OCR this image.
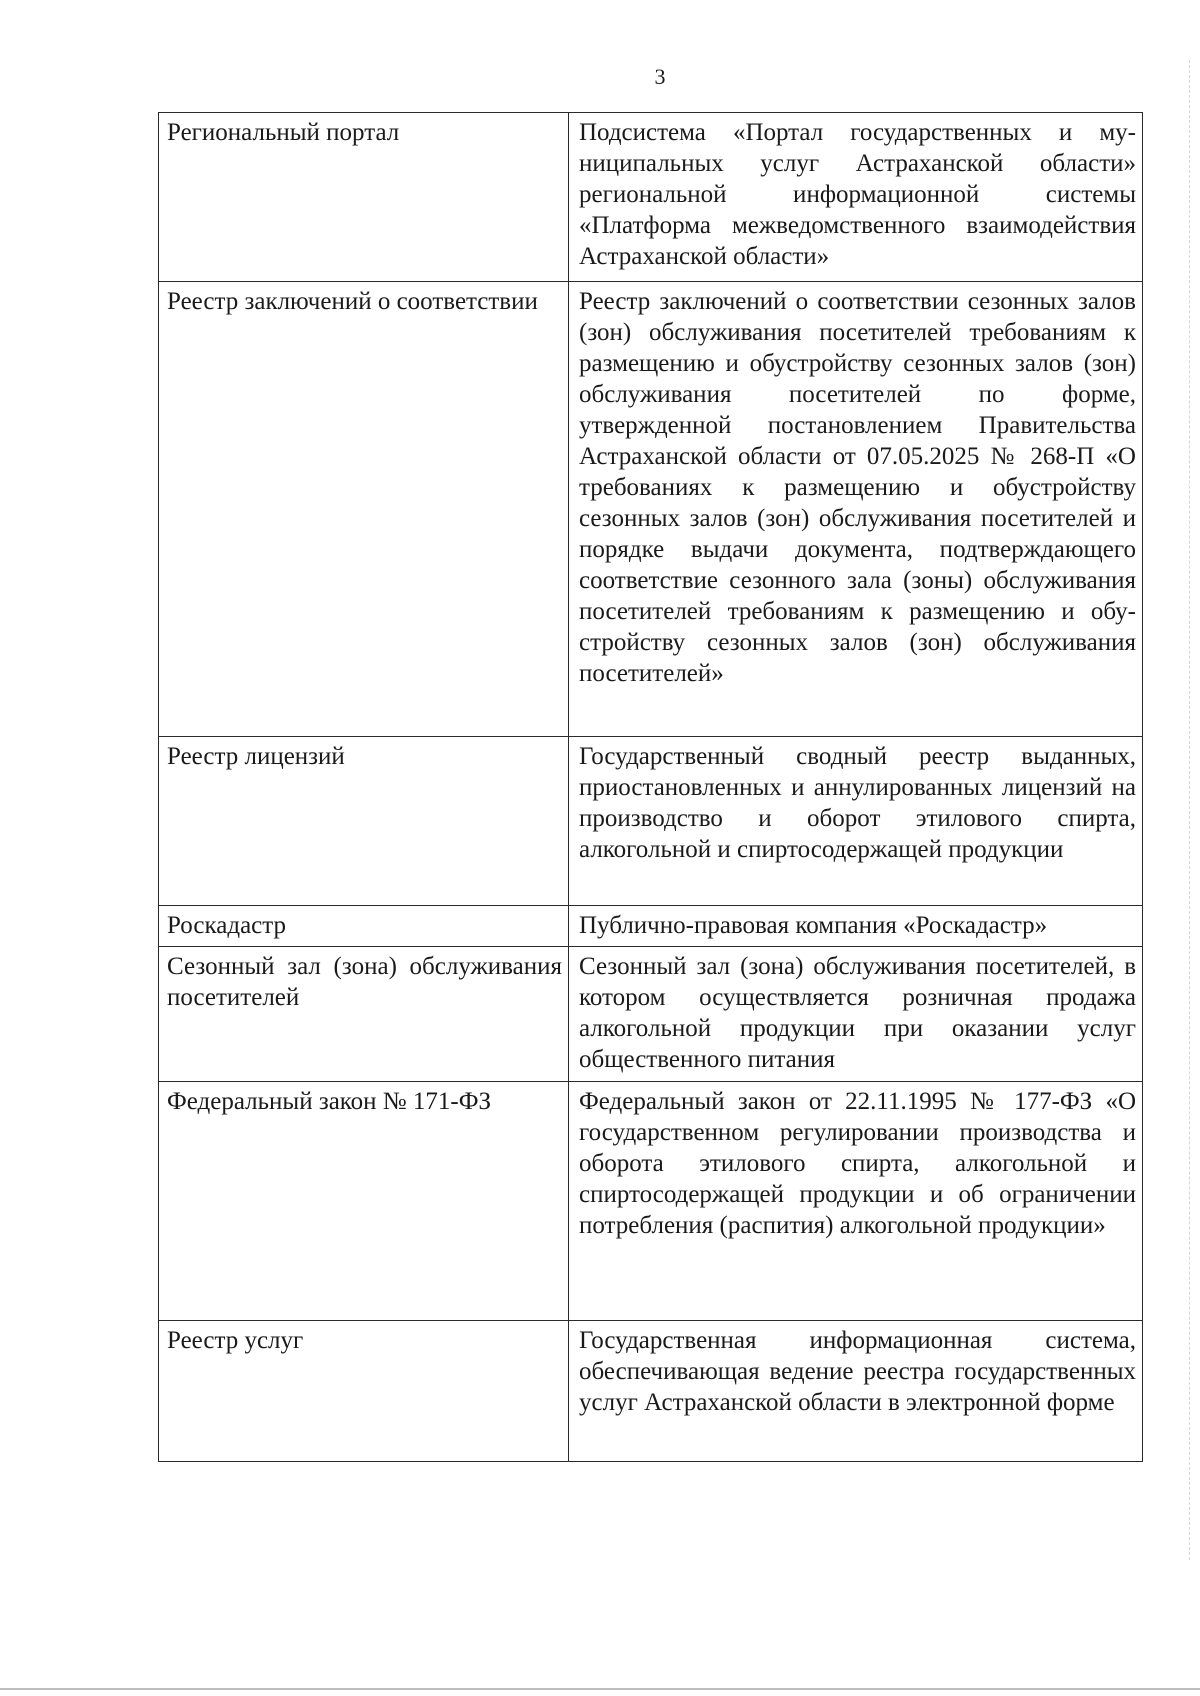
3
Региональный портал	Подсистема «Портал государственных и муниципальных услуг Астраханской области» региональной информационной системы «Платформа межведомственного взаимодействия Астраханской области»
Реестр заключений о соответствии	Реестр заключений о соответствии сезонных залов (зон) обслуживания посетителей требованиям к размещению и обустройству сезонных залов (зон) обслуживания посетителей по форме, утвержденной постановлением Правительства Астраханской области от 07.05.2025 № 268-П «О требованиях к размещению и обустройству сезонных залов (зон) обслуживания посетителей и порядке выдачи документа, подтверждающего соответствие сезонного зала (зоны) обслуживания посетителей требованиям к размещению и обустройству сезонных залов (зон) обслуживания посетителей»
Реестр лицензий	Государственный сводный реестр выданных, приостановленных и аннулированных лицензий на производство и оборот этилового спирта, алкогольной и спиртосодержащей продукции
Роскадастр	Публично-правовая компания «Роскадастр»
Сезонный зал (зона) обслуживания посетителей	Сезонный зал (зона) обслуживания посетителей, в котором осуществляется розничная продажа алкогольной продукции при оказании услуг общественного питания
Федеральный закон № 171-ФЗ	Федеральный закон от 22.11.1995 № 177-ФЗ «О государственном регулировании производства и оборота этилового спирта, алкогольной и спиртосодержащей продукции и об ограничении потребления (распития) алкогольной продукции»
Реестр услуг	Государственная информационная система, обеспечивающая ведение реестра государственных услуг Астраханской области в электронной форме
